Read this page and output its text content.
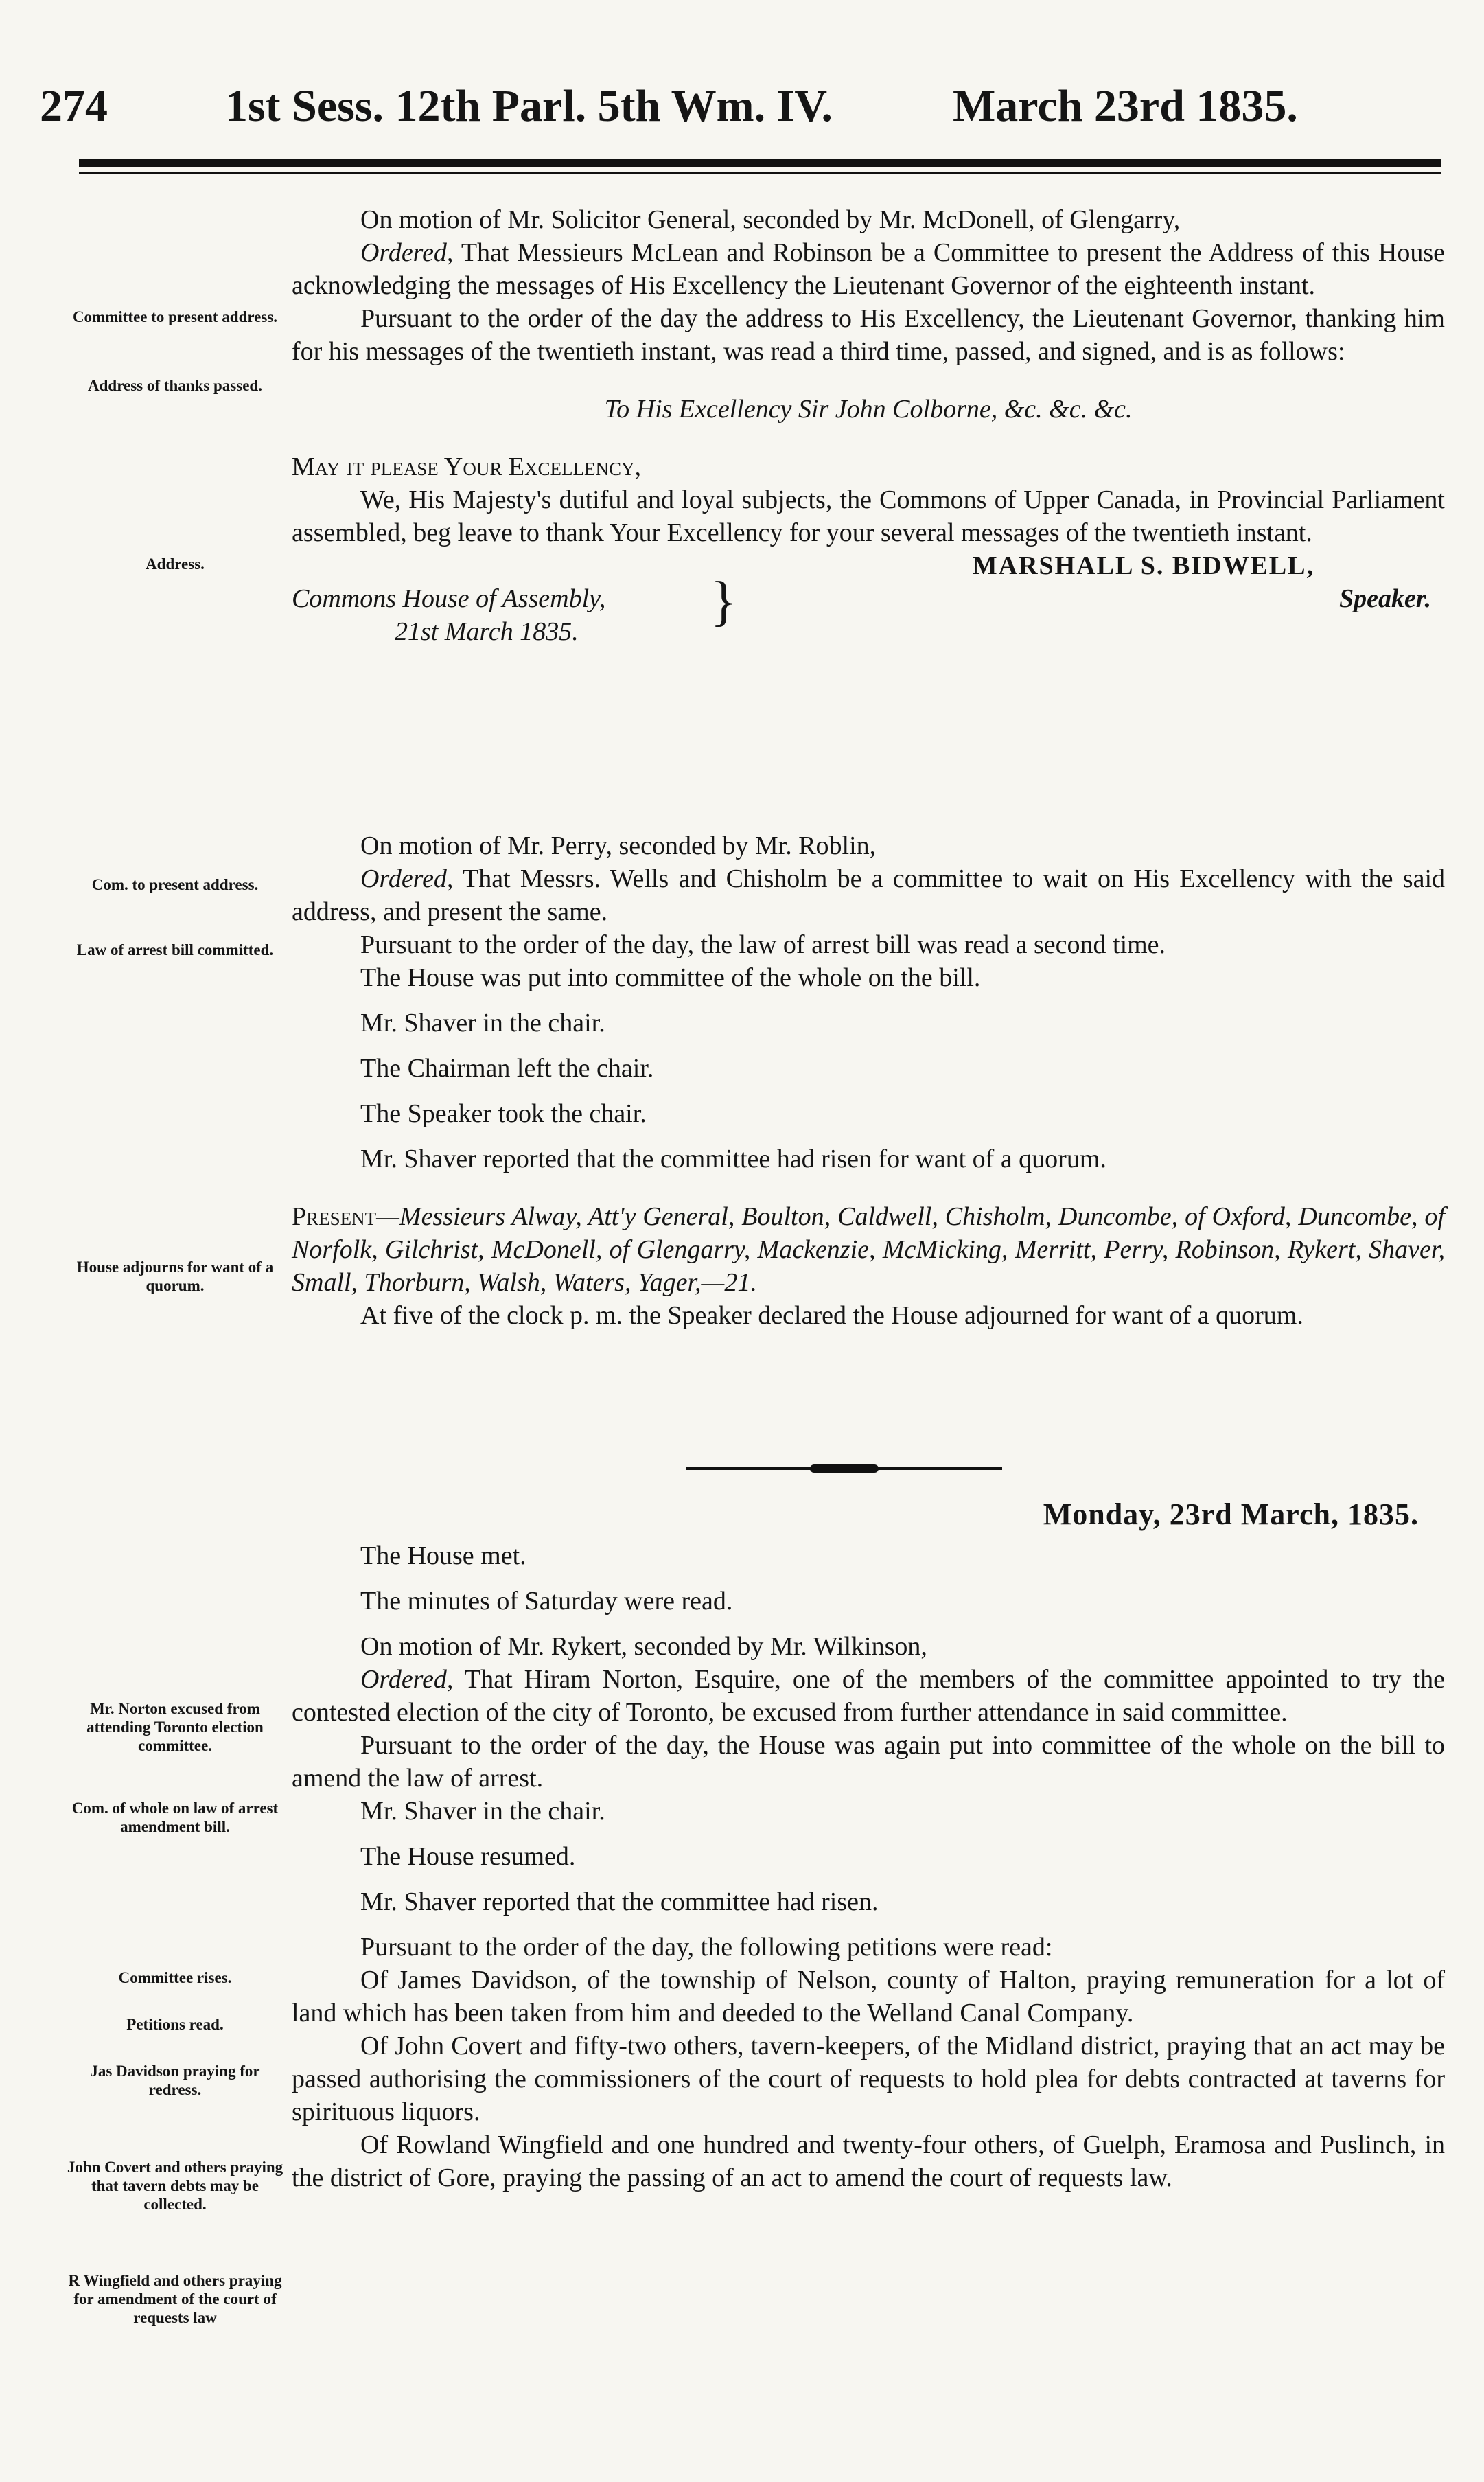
274	1st Sess. 12th Parl. 5th Wm. IV.	March 23rd 1835.
Committee to present address.
Address of thanks passed.
Address.
Com. to present address.
Law of arrest bill committed.
House adjourns for want of a quorum.
Mr. Norton excused from attending Toronto election committee.
Com. of whole on law of arrest amendment bill.
Committee rises.
Petitions read.
Jas Davidson praying for redress.
John Covert and others praying that tavern debts may be collected.
R Wingfield and others praying for amendment of the court of requests law

On motion of Mr. Solicitor General, seconded by Mr. McDonell, of Glengarry,

Ordered, That Messieurs McLean and Robinson be a Committee to present the Address of this House acknowledging the messages of His Excellency the Lieutenant Governor of the eighteenth instant.

Pursuant to the order of the day the address to His Excellency, the Lieutenant Governor, thanking him for his messages of the twentieth instant, was read a third time, passed, and signed, and is as follows:

To His Excellency Sir John Colborne, &c. &c. &c.

May it please Your Excellency,

We, His Majesty's dutiful and loyal subjects, the Commons of Upper Canada, in Provincial Parliament assembled, beg leave to thank Your Excellency for your several messages of the twentieth instant.

MARSHALL S. BIDWELL,
Speaker.
Commons House of Assembly, }
21st March 1835.

On motion of Mr. Perry, seconded by Mr. Roblin,

Ordered, That Messrs. Wells and Chisholm be a committee to wait on His Excellency with the said address, and present the same.

Pursuant to the order of the day, the law of arrest bill was read a second time.

The House was put into committee of the whole on the bill.

Mr. Shaver in the chair.

The Chairman left the chair.

The Speaker took the chair.

Mr. Shaver reported that the committee had risen for want of a quorum.

Present—Messieurs Alway, Att'y General, Boulton, Caldwell, Chisholm, Duncombe, of Oxford, Duncombe, of Norfolk, Gilchrist, McDonell, of Glengarry, Mackenzie, McMicking, Merritt, Perry, Robinson, Rykert, Shaver, Small, Thorburn, Walsh, Waters, Yager,—21.

At five of the clock p. m. the Speaker declared the House adjourned for want of a quorum.

Monday, 23rd March, 1835.

The House met.

The minutes of Saturday were read.

On motion of Mr. Rykert, seconded by Mr. Wilkinson,

Ordered, That Hiram Norton, Esquire, one of the members of the committee appointed to try the contested election of the city of Toronto, be excused from further attendance in said committee.

Pursuant to the order of the day, the House was again put into committee of the whole on the bill to amend the law of arrest.

Mr. Shaver in the chair.

The House resumed.

Mr. Shaver reported that the committee had risen.

Pursuant to the order of the day, the following petitions were read:

Of James Davidson, of the township of Nelson, county of Halton, praying remuneration for a lot of land which has been taken from him and deeded to the Welland Canal Company.

Of John Covert and fifty-two others, tavern-keepers, of the Midland district, praying that an act may be passed authorising the commissioners of the court of requests to hold plea for debts contracted at taverns for spirituous liquors.

Of Rowland Wingfield and one hundred and twenty-four others, of Guelph, Eramosa and Puslinch, in the district of Gore, praying the passing of an act to amend the court of requests law.
